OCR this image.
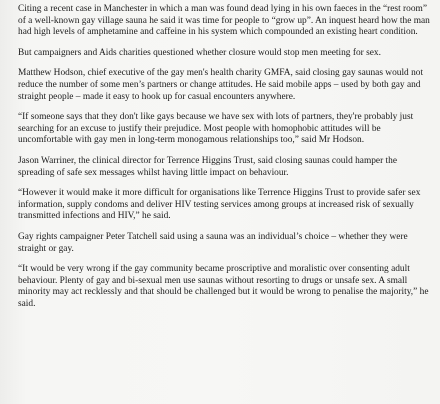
Citing a recent case in Manchester in which a man was found dead lying in his own faeces in the “rest room” of a well-known gay village sauna he said it was time for people to “grow up”. An inquest heard how the man had high levels of amphetamine and caffeine in his system which compounded an existing heart condition.

But campaigners and Aids charities questioned whether closure would stop men meeting for sex.

Matthew Hodson, chief executive of the gay men's health charity GMFA, said closing gay saunas would not reduce the number of some men’s partners or change attitudes. He said mobile apps – used by both gay and straight people – made it easy to hook up for casual encounters anywhere.

“If someone says that they don't like gays because we have sex with lots of partners, they're probably just searching for an excuse to justify their prejudice. Most people with homophobic attitudes will be uncomfortable with gay men in long-term monogamous relationships too,” said Mr Hodson.

Jason Warriner, the clinical director for Terrence Higgins Trust, said closing saunas could hamper the spreading of safe sex messages whilst having little impact on behaviour.

“However it would make it more difficult for organisations like Terrence Higgins Trust to provide safer sex information, supply condoms and deliver HIV testing services among groups at increased risk of sexually transmitted infections and HIV,” he said.

Gay rights campaigner Peter Tatchell said using a sauna was an individual’s choice – whether they were straight or gay.

“It would be very wrong if the gay community became proscriptive and moralistic over consenting adult behaviour. Plenty of gay and bi-sexual men use saunas without resorting to drugs or unsafe sex. A small minority may act recklessly and that should be challenged but it would be wrong to penalise the majority,” he said.
